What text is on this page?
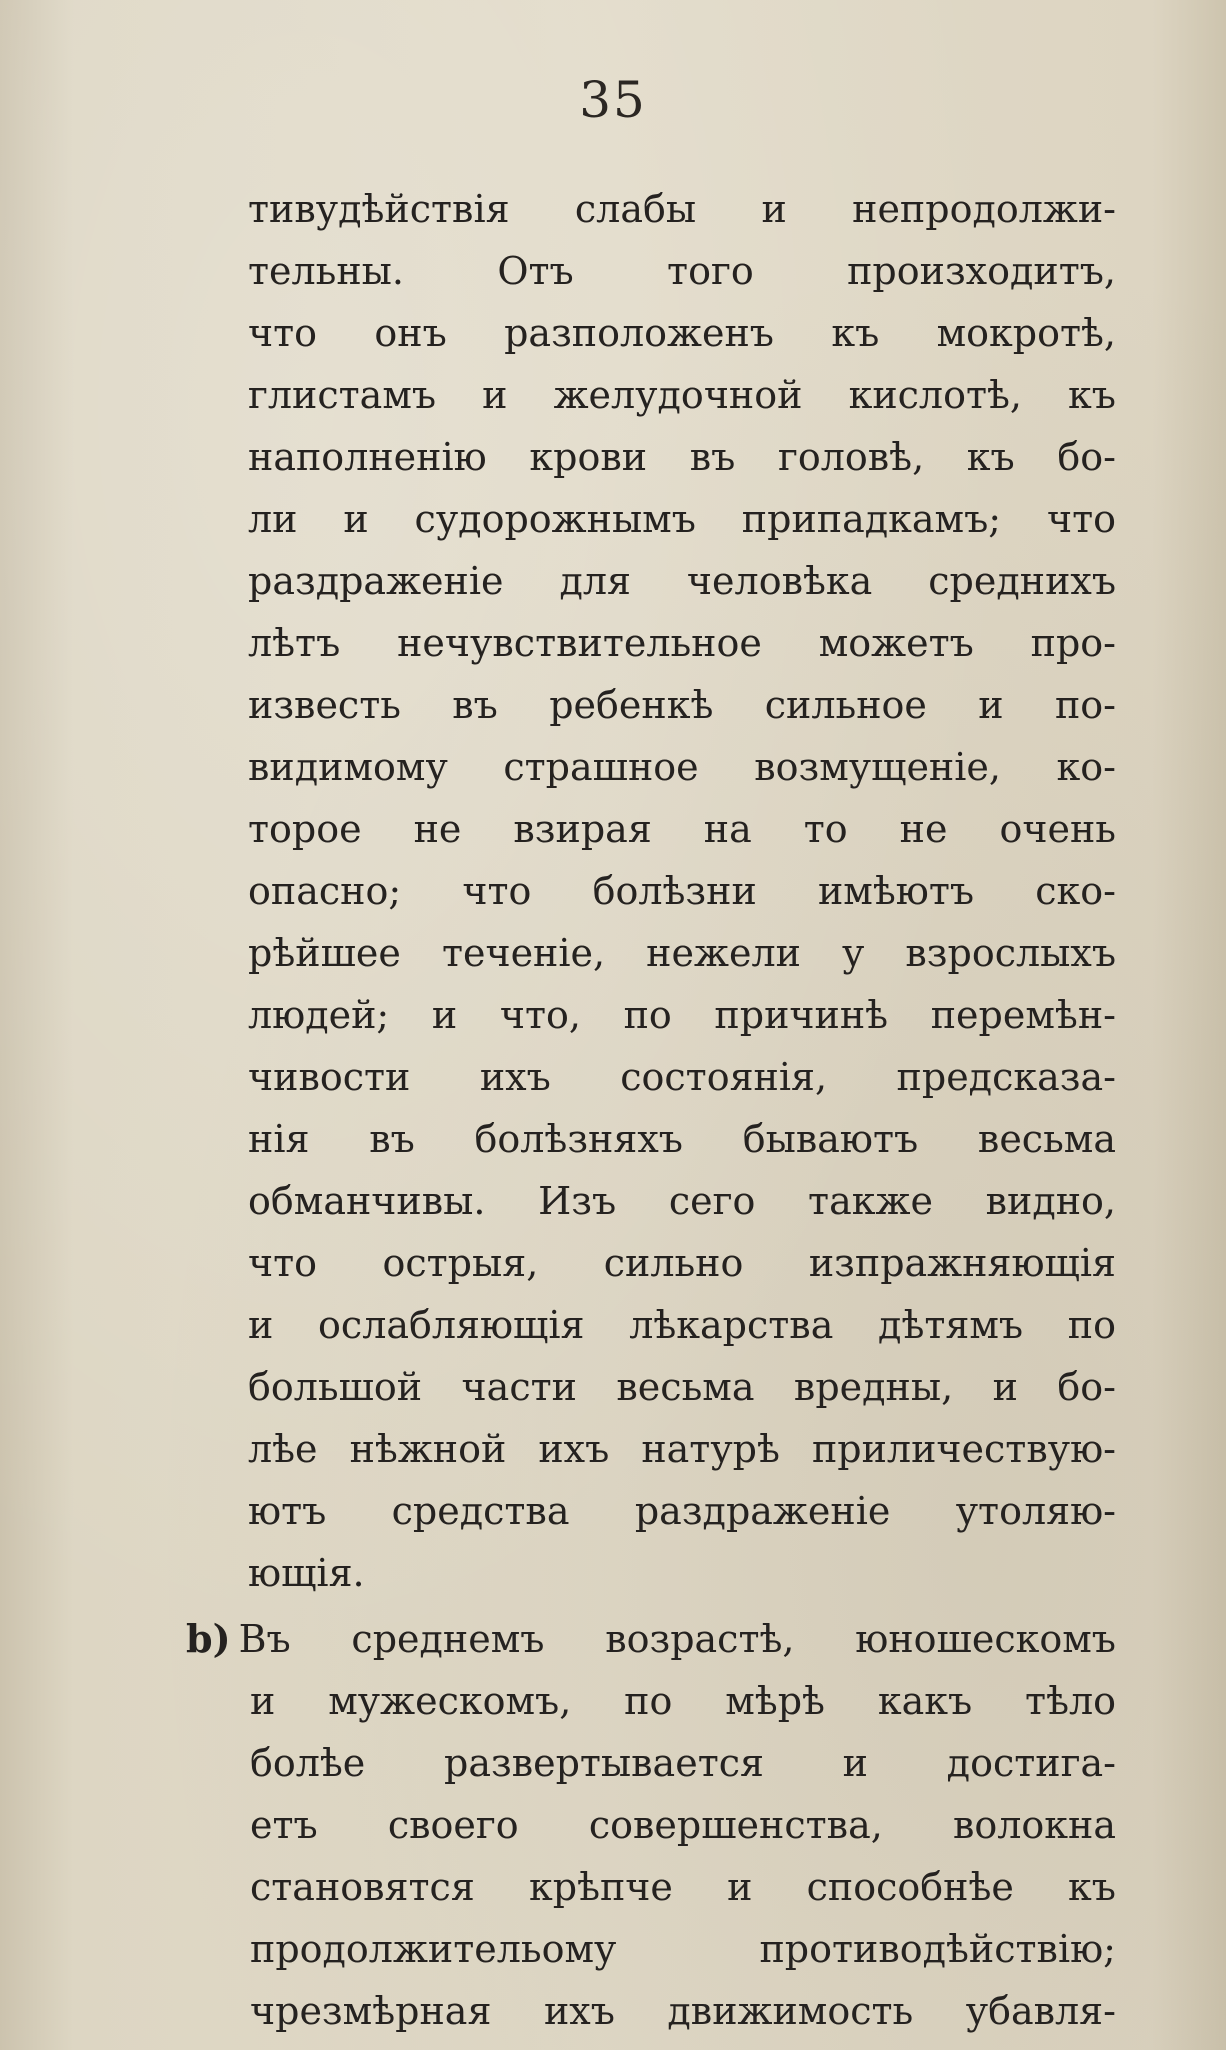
35
тивудѣйствія слабы и непродолжи-
тельны. Отъ того произходитъ,
что онъ разположенъ къ мокротѣ,
глистамъ и желудочной кислотѣ, къ
наполненію крови въ головѣ, къ бо-
ли и судорожнымъ припадкамъ; что
раздраженіе для человѣка среднихъ
лѣтъ нечувствительное можетъ про-
известь въ ребенкѣ сильное и по-
видимому страшное возмущеніе, ко-
торое не взирая на то не очень
опасно; что болѣзни имѣютъ ско-
рѣйшее теченіе, нежели у взрослыхъ
людей; и что, по причинѣ перемѣн-
чивости ихъ состоянія, предсказа-
нія въ болѣзняхъ бываютъ весьма
обманчивы. Изъ сего также видно,
что острыя, сильно изпражняющія
и ослабляющія лѣкарства дѣтямъ по
большой части весьма вредны, и бо-
лѣе нѣжной ихъ натурѣ приличествую-
ютъ средства раздраженіе утоляю-
ющія.
b) Въ среднемъ возрастѣ, юношескомъ
и мужескомъ, по мѣрѣ какъ тѣло
болѣе развертывается и достига-
етъ своего совершенства, волокна
становятся крѣпче и способнѣе къ
продолжительому противодѣйствію;
чрезмѣрная ихъ движимость убавля-
